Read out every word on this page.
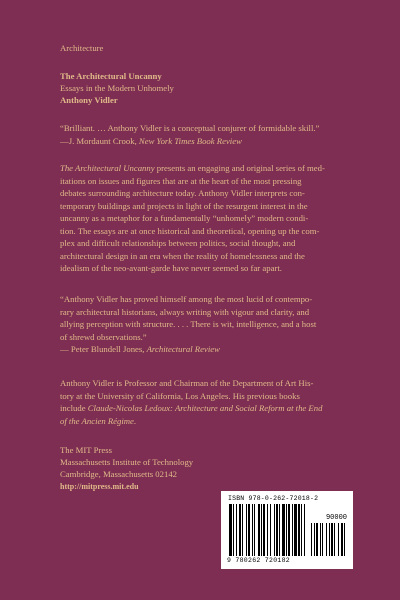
Architecture

The Architectural Uncanny

Essays in the Modern Unhomely

Anthony Vidler

“Brilliant. … Anthony Vidler is a conceptual conjurer of formidable skill.”
—J. Mordaunt Crook, New York Times Book Review
The Architectural Uncanny presents an engaging and original series of med-
itations on issues and figures that are at the heart of the most pressing
debates surrounding architecture today. Anthony Vidler interprets con-
temporary buildings and projects in light of the resurgent interest in the
uncanny as a metaphor for a fundamentally “unhomely” modern condi-
tion. The essays are at once historical and theoretical, opening up the com-
plex and difficult relationships between politics, social thought, and
architectural design in an era when the reality of homelessness and the
idealism of the neo-avant-garde have never seemed so far apart.
“Anthony Vidler has proved himself among the most lucid of contempo-
rary architectural historians, always writing with vigour and clarity, and
allying perception with structure. . . . There is wit, intelligence, and a host
of shrewd observations.”
— Peter Blundell Jones, Architectural Review
Anthony Vidler is Professor and Chairman of the Department of Art His-
tory at the University of California, Los Angeles. His previous books
include Claude-Nicolas Ledoux: Architecture and Social Reform at the End
of the Ancien Régime.

The MIT Press

Massachusetts Institute of Technology

Cambridge, Massachusetts 02142

http://mitpress.mit.edu

ISBN 978-0-262-72018-2
90000
9 780262 720182
